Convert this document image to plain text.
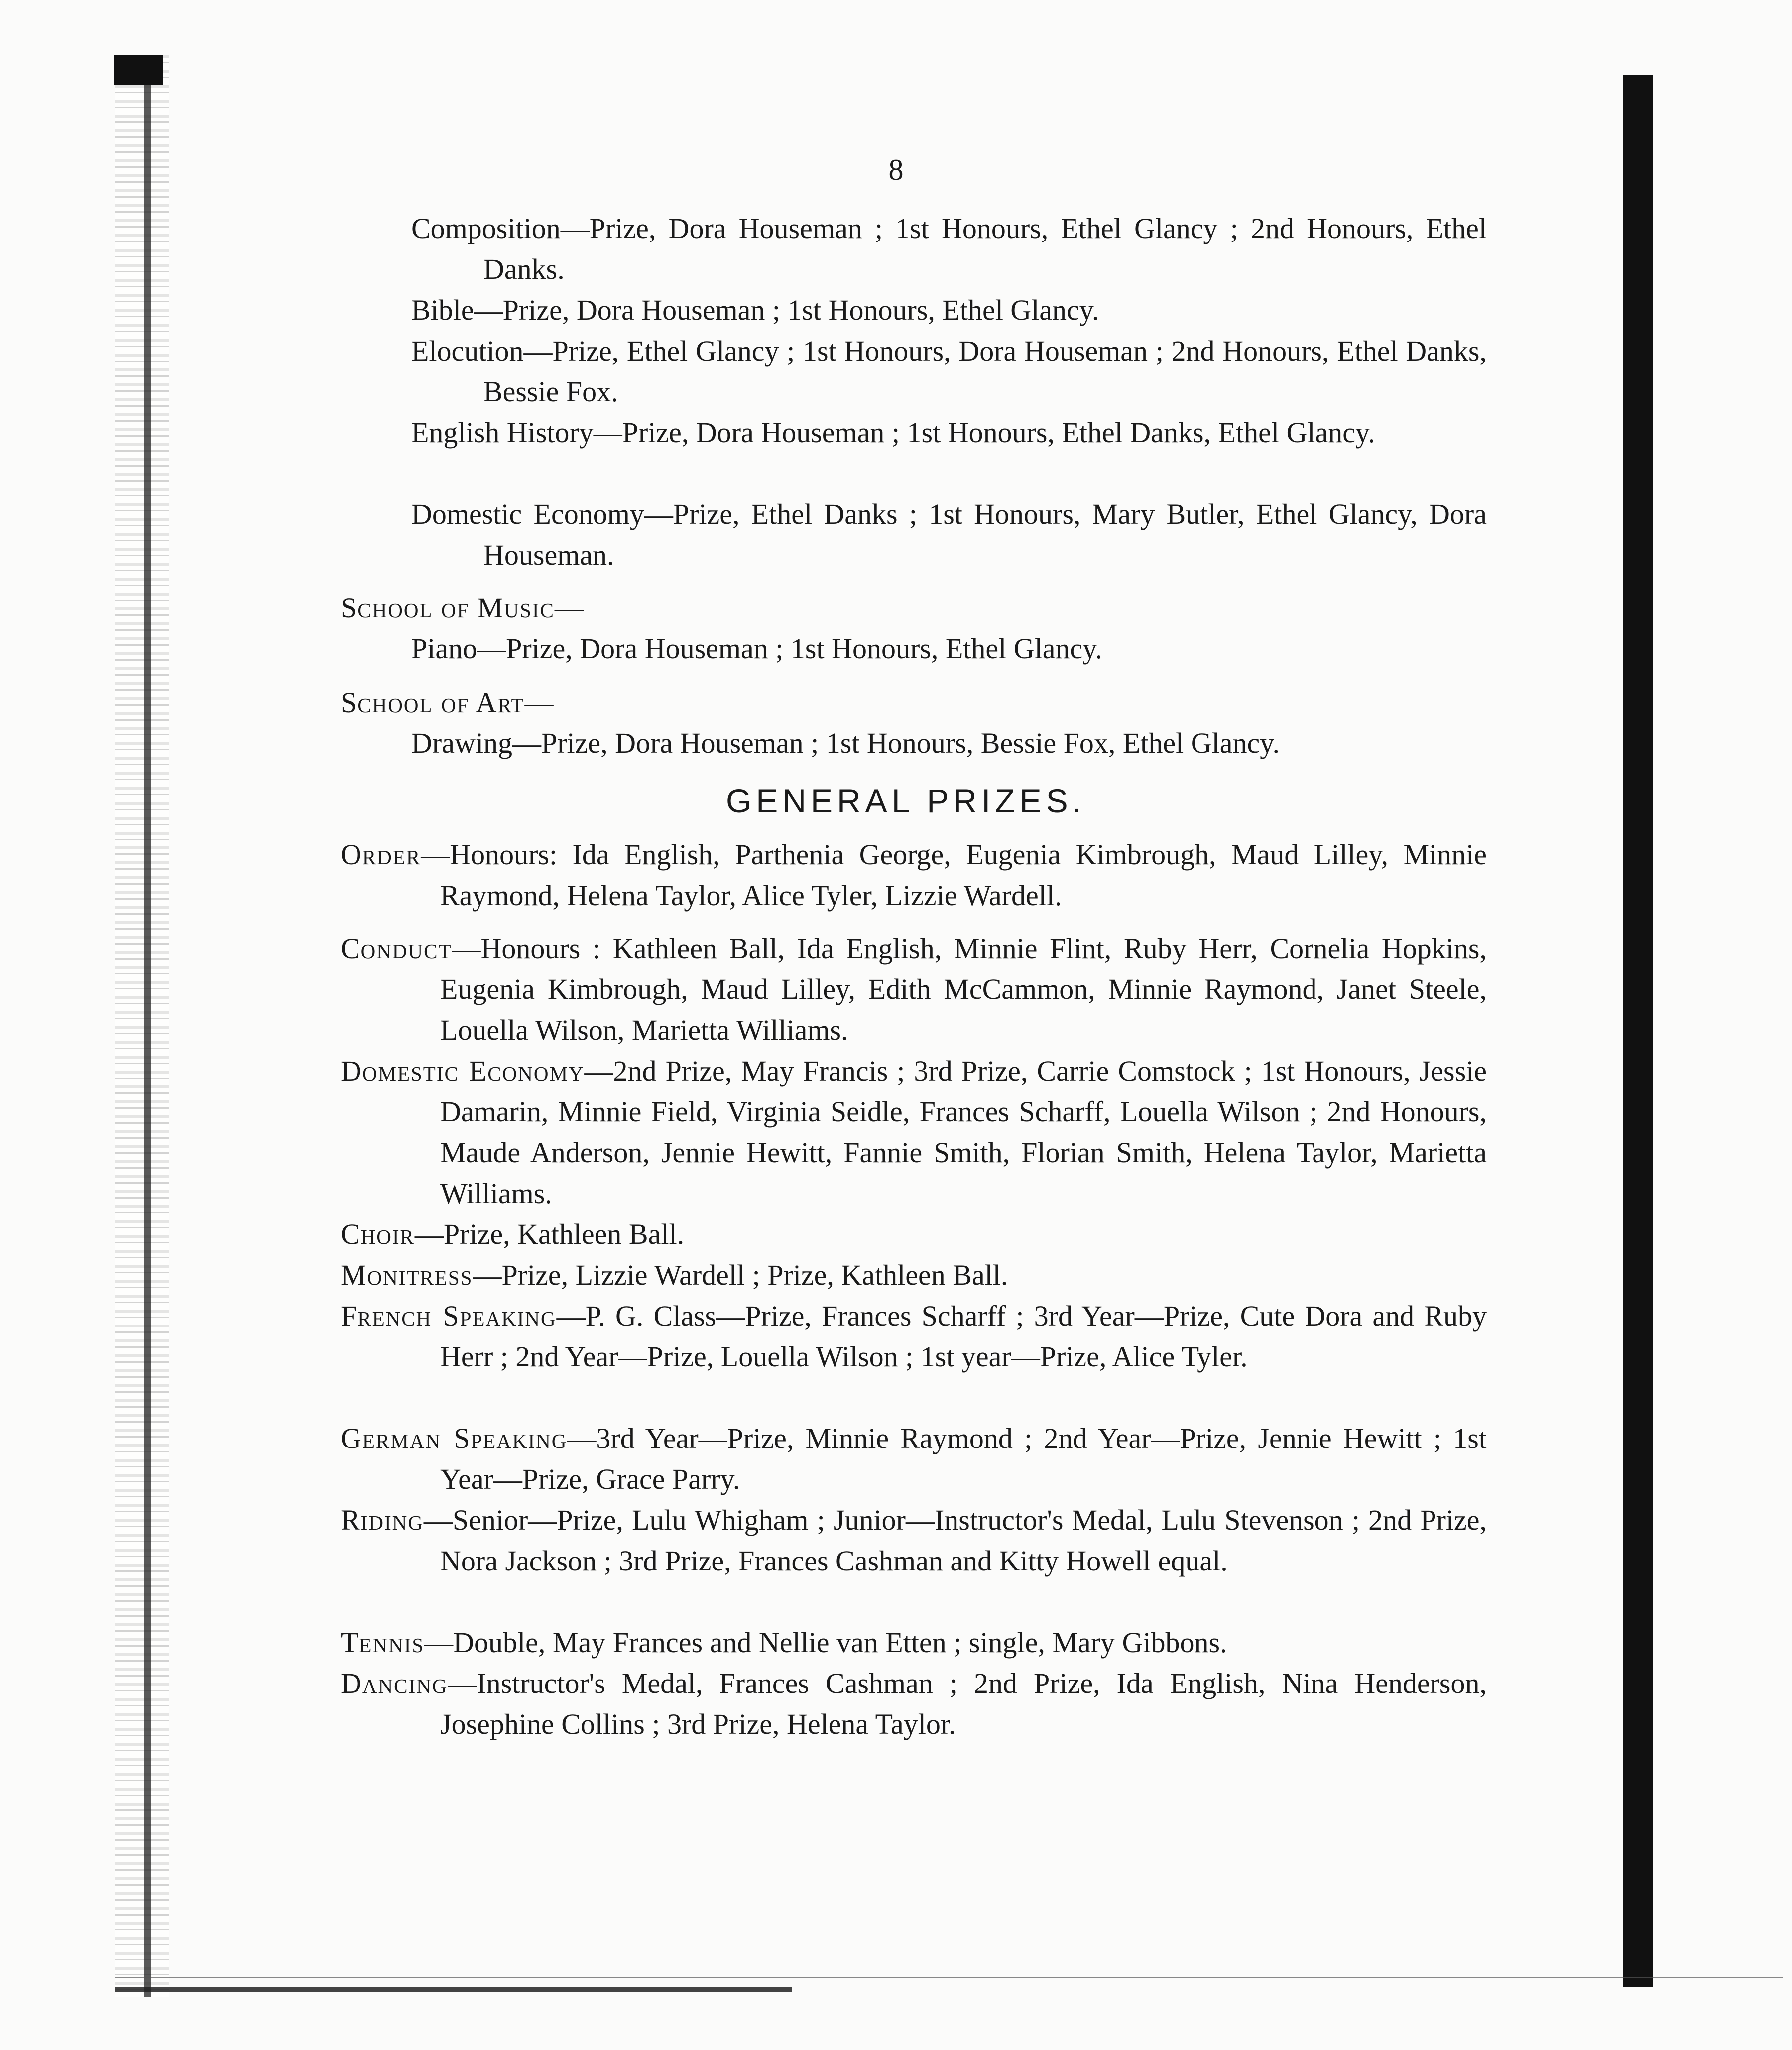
8

Composition—Prize, Dora Houseman ; 1st Honours, Ethel Glancy ; 2nd Honours, Ethel Danks.

Bible—Prize, Dora Houseman ; 1st Honours, Ethel Glancy.

Elocution—Prize, Ethel Glancy ; 1st Honours, Dora Houseman ; 2nd Honours, Ethel Danks, Bessie Fox.

English History—Prize, Dora Houseman ; 1st Honours, Ethel Danks, Ethel Glancy.

Domestic Economy—Prize, Ethel Danks ; 1st Honours, Mary Butler, Ethel Glancy, Dora Houseman.

School of Music—

Piano—Prize, Dora Houseman ; 1st Honours, Ethel Glancy.

School of Art—

Drawing—Prize, Dora Houseman ; 1st Honours, Bessie Fox, Ethel Glancy.

GENERAL PRIZES.

Order—Honours: Ida English, Parthenia George, Eugenia Kimbrough, Maud Lilley, Minnie Raymond, Helena Taylor, Alice Tyler, Lizzie Wardell.

Conduct—Honours : Kathleen Ball, Ida English, Minnie Flint, Ruby Herr, Cornelia Hopkins, Eugenia Kimbrough, Maud Lilley, Edith McCammon, Minnie Raymond, Janet Steele, Louella Wilson, Marietta Williams.

Domestic Economy—2nd Prize, May Francis ; 3rd Prize, Carrie Comstock ; 1st Honours, Jessie Damarin, Minnie Field, Virginia Seidle, Frances Scharff, Louella Wilson ; 2nd Honours, Maude Anderson, Jennie Hewitt, Fannie Smith, Florian Smith, Helena Taylor, Marietta Williams.

Choir—Prize, Kathleen Ball.

Monitress—Prize, Lizzie Wardell ; Prize, Kathleen Ball.

French Speaking—P. G. Class—Prize, Frances Scharff ; 3rd Year—Prize, Cute Dora and Ruby Herr ; 2nd Year—Prize, Louella Wilson ; 1st year—Prize, Alice Tyler.

German Speaking—3rd Year—Prize, Minnie Raymond ; 2nd Year—Prize, Jennie Hewitt ; 1st Year—Prize, Grace Parry.

Riding—Senior—Prize, Lulu Whigham ; Junior—Instructor's Medal, Lulu Stevenson ; 2nd Prize, Nora Jackson ; 3rd Prize, Frances Cashman and Kitty Howell equal.

Tennis—Double, May Frances and Nellie van Etten ; single, Mary Gibbons.

Dancing—Instructor's Medal, Frances Cashman ; 2nd Prize, Ida English, Nina Henderson, Josephine Collins ; 3rd Prize, Helena Taylor.
